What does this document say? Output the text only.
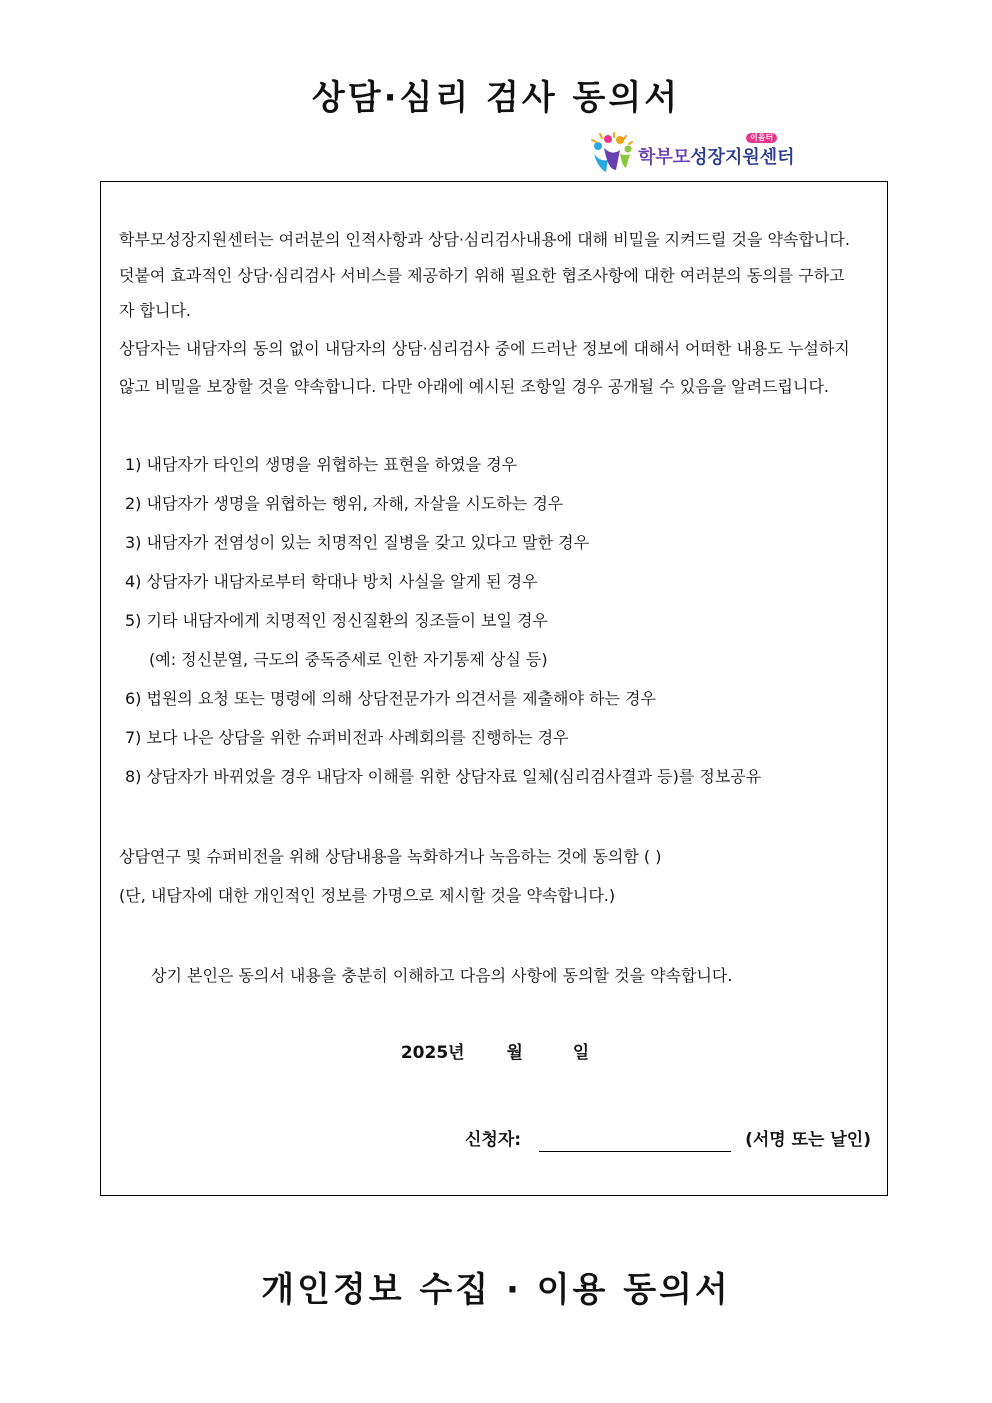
상담·심리 검사 동의서
이음터
학부모 성장지원센터

학부모성장지원센터는 여러분의 인적사항과 상담·심리검사내용에 대해 비밀을 지켜드릴 것을 약속합니다.

덧붙여 효과적인 상담·심리검사 서비스를 제공하기 위해 필요한 협조사항에 대한 여러분의 동의를 구하고

자 합니다.

상담자는 내담자의 동의 없이 내담자의 상담·심리검사 중에 드러난 정보에 대해서 어떠한 내용도 누설하지

않고 비밀을 보장할 것을 약속합니다. 다만 아래에 예시된 조항일 경우 공개될 수 있음을 알려드립니다.

1) 내담자가 타인의 생명을 위협하는 표현을 하였을 경우

2) 내담자가 생명을 위협하는 행위, 자해, 자살을 시도하는 경우

3) 내담자가 전염성이 있는 치명적인 질병을 갖고 있다고 말한 경우

4) 상담자가 내담자로부터 학대나 방치 사실을 알게 된 경우

5) 기타 내담자에게 치명적인 정신질환의 징조들이 보일 경우

(예: 정신분열, 극도의 중독증세로 인한 자기통제 상실 등)

6) 법원의 요청 또는 명령에 의해 상담전문가가 의견서를 제출해야 하는 경우

7) 보다 나은 상담을 위한 슈퍼비전과 사례회의를 진행하는 경우

8) 상담자가 바뀌었을 경우 내담자 이해를 위한 상담자료 일체(심리검사결과 등)를 정보공유

상담연구 및 슈퍼비전을 위해 상담내용을 녹화하거나 녹음하는 것에 동의함 ( )

(단, 내담자에 대한 개인적인 정보를 가명으로 제시할 것을 약속합니다.)

상기 본인은 동의서 내용을 충분히 이해하고 다음의 사항에 동의할 것을 약속합니다.

2025년 월	일
신청자:	(서명 또는 날인)
개인정보 수집 · 이용 동의서
